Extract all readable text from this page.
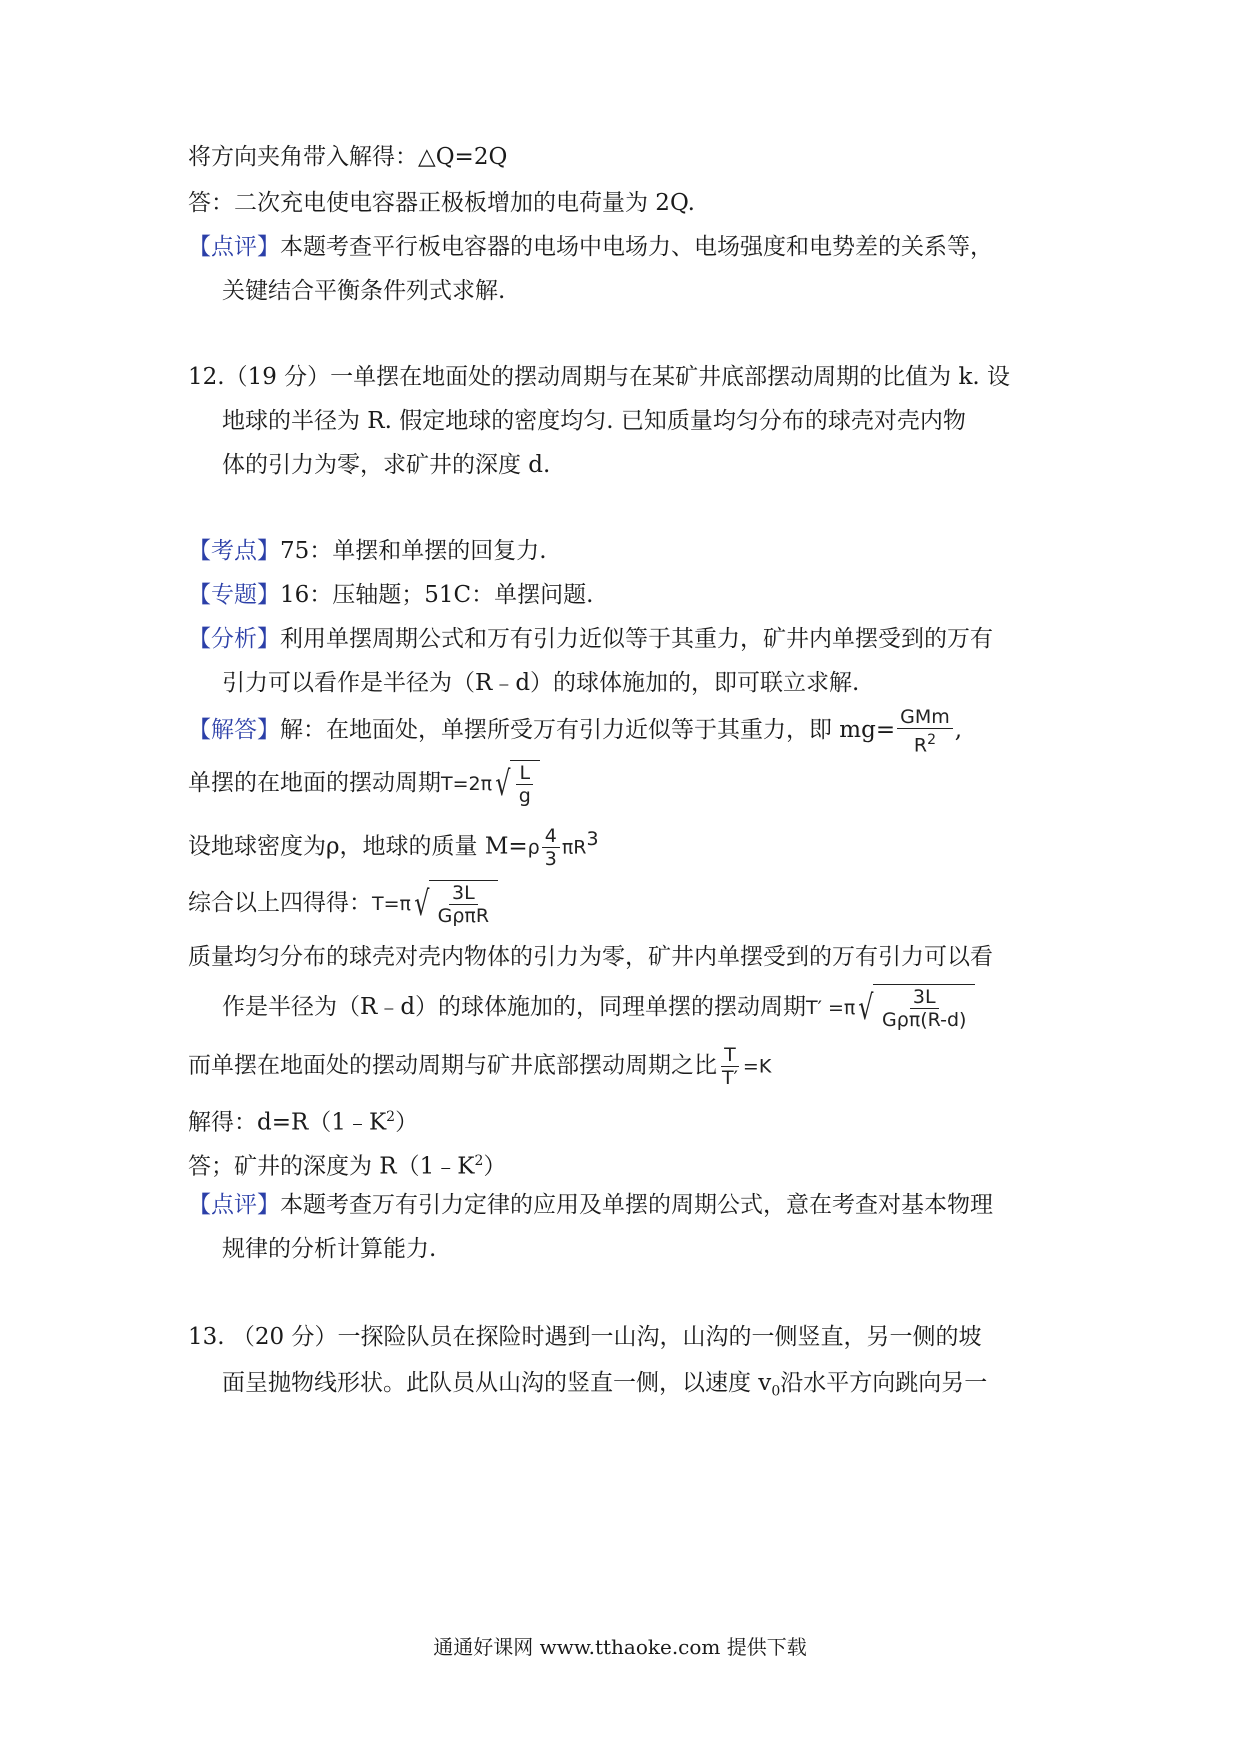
将方向夹角带入解得：△Q=2Q
答：二次充电使电容器正极板增加的电荷量为 2Q.
【点评】本题考查平行板电容器的电场中电场力、电场强度和电势差的关系等，
关键结合平衡条件列式求解.
12.（19 分）一单摆在地面处的摆动周期与在某矿井底部摆动周期的比值为 k. 设
地球的半径为 R. 假定地球的密度均匀. 已知质量均匀分布的球壳对壳内物
体的引力为零，求矿井的深度 d.
【考点】75：单摆和单摆的回复力.
【专题】16：压轴题；51C：单摆问题.
【分析】利用单摆周期公式和万有引力近似等于其重力，矿井内单摆受到的万有
引力可以看作是半径为（R﹣d）的球体施加的，即可联立求解.
【解答】解：在地面处，单摆所受万有引力近似等于其重力，即 $mg= \frac{\text{GMm}}{R^2}$ ,
单摆的在地面的摆动周期T=2π √ $\frac{L}{g}$
设地球密度为ρ，地球的质量 $M=\rho \frac{4}{3} \pi R^3$
综合以上四得得：T=π √ $\frac{3L}{\text{GρπR}}$
质量均匀分布的球壳对壳内物体的引力为零，矿井内单摆受到的万有引力可以看
作是半径为（R﹣d）的球体施加的，同理单摆的摆动周期T′ =π √ $\frac{3L}{\text{Gρπ(R-d)}}$
而单摆在地面处的摆动周期与矿井底部摆动周期之比 $\frac{T}{T'} =K$
解得：$d=R(1﹣K^2)$
答；矿井的深度为 $R(1﹣K^2)$
【点评】本题考查万有引力定律的应用及单摆的周期公式，意在考查对基本物理
规律的分析计算能力.
13. （20 分）一探险队员在探险时遇到一山沟，山沟的一侧竖直，另一侧的坡
面呈抛物线形状。此队员从山沟的竖直一侧，以速度 $v_0$沿水平方向跳向另一
通通好课网 www.tthaoke.com 提供下载
